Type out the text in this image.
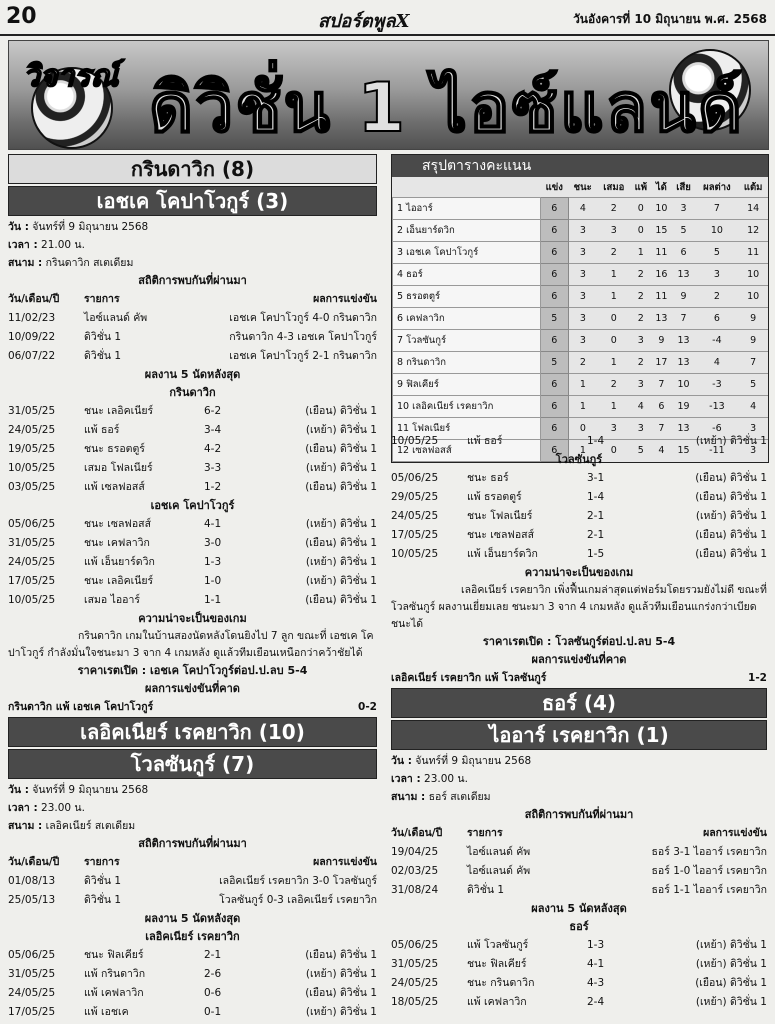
20	สปอร์ตพูลX	วันอังคารที่ 10 มิถุนายน พ.ศ. 2568
วิจารณ์ ดิวิชั่น 1 ไอซ์แลนด์
กรินดาวิก (8)
เอชเค โคปาโวกูร์ (3)
วัน : จันทร์ที่ 9 มิถุนายน 2568
เวลา : 21.00 น.
สนาม : กรินดาวิก สเตเดียม
สถิติการพบกันที่ผ่านมา
วัน/เดือน/ปี รายการ	ผลการแข่งขัน
11/02/23	ไอซ์แลนด์ คัพ	เอชเค โคปาโวกูร์ 4-0 กรินดาวิก
10/09/22	ดิวิชั่น 1	กรินดาวิก 4-3 เอชเค โคปาโวกูร์
06/07/22	ดิวิชั่น 1	เอชเค โคปาโวกูร์ 2-1 กรินดาวิก
ผลงาน 5 นัดหลังสุด
กรินดาวิก
31/05/25	ชนะ เลอิคเนียร์	6-2	(เยือน) ดิวิชั่น 1
24/05/25	แพ้ ธอร์	3-4	(เหย้า) ดิวิชั่น 1
19/05/25	ชนะ ธรอตตูร์	4-2	(เยือน) ดิวิชั่น 1
10/05/25	เสมอ โฟลเนียร์	3-3	(เหย้า) ดิวิชั่น 1
03/05/25	แพ้ เซลฟอสส์	1-2	(เยือน) ดิวิชั่น 1
เอชเค โคปาโวกูร์
05/06/25	ชนะ เซลฟอสส์	4-1	(เหย้า) ดิวิชั่น 1
31/05/25	ชนะ เคฟลาวิก	3-0	(เยือน) ดิวิชั่น 1
24/05/25	แพ้ เอ็นยาร์ดวิก	1-3	(เหย้า) ดิวิชั่น 1
17/05/25	ชนะ เลอิคเนียร์	1-0	(เหย้า) ดิวิชั่น 1
10/05/25	เสมอ ไออาร์	1-1	(เยือน) ดิวิชั่น 1
ความน่าจะเป็นของเกม
กรินดาวิก เกมในบ้านสองนัดหลังโดนยิงไป 7 ลูก ขณะที่ เอชเค โคปาโวกูร์ กำลังมั่นใจชนะมา 3 จาก 4 เกมหลัง ดูแล้วทีมเยือนเหนือกว่าคว้าชัยได้
ราคาเรตเปิด : เอชเค โคปาโวกูร์ต่อป.ป.ลบ 5-4
ผลการแข่งขันที่คาด
กรินดาวิก แพ้ เอชเค โคปาโวกูร์	0-2
เลอิคเนียร์ เรคยาวิก (10)
โวลซันกูร์ (7)
วัน : จันทร์ที่ 9 มิถุนายน 2568
เวลา : 23.00 น.
สนาม : เลอิคเนียร์ สเตเดียม
สถิติการพบกันที่ผ่านมา
วัน/เดือน/ปี รายการ	ผลการแข่งขัน
01/08/13	ดิวิชั่น 1	เลอิคเนียร์ เรคยาวิก 3-0 โวลซันกูร์
25/05/13	ดิวิชั่น 1	โวลซันกูร์ 0-3 เลอิคเนียร์ เรคยาวิก
ผลงาน 5 นัดหลังสุด
เลอิคเนียร์ เรคยาวิก
05/06/25	ชนะ ฟิลเคียร์	2-1	(เยือน) ดิวิชั่น 1
31/05/25	แพ้ กรินดาวิก	2-6	(เหย้า) ดิวิชั่น 1
24/05/25	แพ้ เคฟลาวิก	0-6	(เยือน) ดิวิชั่น 1
17/05/25	แพ้ เอชเค	0-1	(เหย้า) ดิวิชั่น 1
สรุปตารางคะแนน
	แข่ง	ชนะ	เสมอ	แพ้	ได้	เสีย	ผลต่าง	แต้ม
1 ไออาร์	6	4	2	0	10	3	7	14
2 เอ็นยาร์ดวิก	6	3	3	0	15	5	10	12
3 เอชเค โคปาโวกูร์	6	3	2	1	11	6	5	11
4 ธอร์	6	3	1	2	16	13	3	10
5 ธรอตตูร์	6	3	1	2	11	9	2	10
6 เคฟลาวิก	5	3	0	2	13	7	6	9
7 โวลซันกูร์	6	3	0	3	9	13	-4	9
8 กรินดาวิก	5	2	1	2	17	13	4	7
9 ฟิลเคียร์	6	1	2	3	7	10	-3	5
10 เลอิคเนียร์ เรคยาวิก	6	1	1	4	6	19	-13	4
11 โฟลเนียร์	6	0	3	3	7	13	-6	3
12 เซลฟอสส์	6	1	0	5	4	15	-11	3
10/05/25	แพ้ ธอร์	1-4	(เหย้า) ดิวิชั่น 1
โวลซันกูร์
05/06/25	ชนะ ธอร์	3-1	(เยือน) ดิวิชั่น 1
29/05/25	แพ้ ธรอตตูร์	1-4	(เยือน) ดิวิชั่น 1
24/05/25	ชนะ โฟลเนียร์	2-1	(เหย้า) ดิวิชั่น 1
17/05/25	ชนะ เซลฟอสส์	2-1	(เยือน) ดิวิชั่น 1
10/05/25	แพ้ เอ็นยาร์ดวิก	1-5	(เยือน) ดิวิชั่น 1
ความน่าจะเป็นของเกม
เลอิคเนียร์ เรคยาวิก เพิ่งฟื้นเกมล่าสุดแต่ฟอร์มโดยรวมยังไม่ดี ขณะที่ โวลซันกูร์ ผลงานเยี่ยมเลย ชนะมา 3 จาก 4 เกมหลัง ดูแล้วทีมเยือนแกร่งกว่าเบียดชนะได้
ราคาเรตเปิด : โวลซันกูร์ต่อป.ป.ลบ 5-4
ผลการแข่งขันที่คาด
เลอิคเนียร์ เรคยาวิก แพ้ โวลซันกูร์	1-2
ธอร์ (4)
ไออาร์ เรคยาวิก (1)
วัน : จันทร์ที่ 9 มิถุนายน 2568
เวลา : 23.00 น.
สนาม : ธอร์ สเตเดียม
สถิติการพบกันที่ผ่านมา
วัน/เดือน/ปี รายการ	ผลการแข่งขัน
19/04/25	ไอซ์แลนด์ คัพ	ธอร์ 3-1 ไออาร์ เรคยาวิก
02/03/25	ไอซ์แลนด์ คัพ	ธอร์ 1-0 ไออาร์ เรคยาวิก
31/08/24	ดิวิชั่น 1	ธอร์ 1-1 ไออาร์ เรคยาวิก
ผลงาน 5 นัดหลังสุด
ธอร์
05/06/25	แพ้ โวลซันกูร์	1-3	(เหย้า) ดิวิชั่น 1
31/05/25	ชนะ ฟิลเคียร์	4-1	(เหย้า) ดิวิชั่น 1
24/05/25	ชนะ กรินดาวิก	4-3	(เยือน) ดิวิชั่น 1
18/05/25	แพ้ เคฟลาวิก	2-4	(เหย้า) ดิวิชั่น 1
